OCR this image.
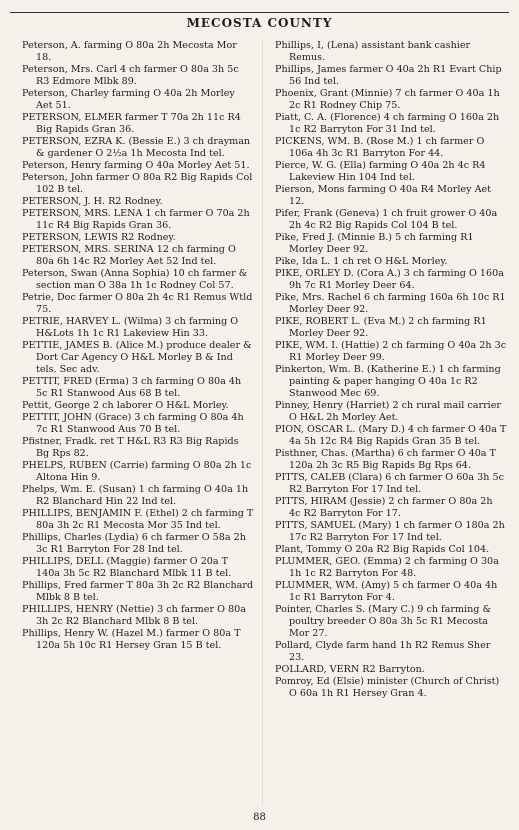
MECOSTA COUNTY

Peterson, A. farming O 80a 2h Mecosta Mor 18.

Peterson, Mrs. Carl 4 ch farmer O 80a 3h 5c R3 Edmore Mlbk 89.

Peterson, Charley farming O 40a 2h Morley Aet 51.

PETERSON, ELMER farmer T 70a 2h 11c R4 Big Rapids Gran 36.

PETERSON, EZRA K. (Bessie E.) 3 ch drayman & gardener O 2½a 1h Mecosta Ind tel.

Peterson, Henry farming O 40a Morley Aet 51.

Peterson, John farmer O 80a R2 Big Rapids Col 102 B tel.

PETERSON, J. H. R2 Rodney.

PETERSON, MRS. LENA 1 ch farmer O 70a 2h 11c R4 Big Rapids Gran 36.

PETERSON, LEWIS R2 Rodney.

PETERSON, MRS. SERINA 12 ch farming O 80a 6h 14c R2 Morley Aet 52 Ind tel.

Peterson, Swan (Anna Sophia) 10 ch farmer & section man O 38a 1h 1c Rodney Col 57.

Petrie, Doc farmer O 80a 2h 4c R1 Remus Wtld 75.

PETRIE, HARVEY L. (Wilma) 3 ch farming O H&Lots 1h 1c R1 Lakeview Hin 33.

PETTIE, JAMES B. (Alice M.) produce dealer & Dort Car Agency O H&L Morley B & Ind tels. Sec adv.

PETTIT, FRED (Erma) 3 ch farming O 80a 4h 5c R1 Stanwood Aus 68 B tel.

Pettit, George 2 ch laborer O H&L Morley.

PETTIT, JOHN (Grace) 3 ch farming O 80a 4h 7c R1 Stanwood Aus 70 B tel.

Pfistner, Fradk. ret T H&L R3 R3 Big Rapids Bg Rps 82.

PHELPS, RUBEN (Carrie) farming O 80a 2h 1c Altona Hin 9.

Phelps, Wm. E. (Susan) 1 ch farming O 40a 1h R2 Blanchard Hin 22 Ind tel.

PHILLIPS, BENJAMIN F. (Ethel) 2 ch farming T 80a 3h 2c R1 Mecosta Mor 35 Ind tel.

Phillips, Charles (Lydia) 6 ch farmer O 58a 2h 3c R1 Barryton For 28 Ind tel.

PHILLIPS, DELL (Maggie) farmer O 20a T 140a 3h 5c R2 Blanchard Mlbk 11 B tel.

Phillips, Fred farmer T 80a 3h 2c R2 Blanchard Mlbk 8 B tel.

PHILLIPS, HENRY (Nettie) 3 ch farmer O 80a 3h 2c R2 Blanchard Mlbk 8 B tel.

Phillips, Henry W. (Hazel M.) farmer O 80a T 120a 5h 10c R1 Hersey Gran 15 B tel.

Phillips, I, (Lena) assistant bank cashier Remus.

Phillips, James farmer O 40a 2h R1 Evart Chip 56 Ind tel.

Phoenix, Grant (Minnie) 7 ch farmer O 40a 1h 2c R1 Rodney Chip 75.

Piatt, C. A. (Florence) 4 ch farming O 160a 2h 1c R2 Barryton For 31 Ind tel.

PICKENS, WM. B. (Rose M.) 1 ch farmer O 106a 4h 3c R1 Barryton For 44.

Pierce, W. G. (Ella) farming O 40a 2h 4c R4 Lakeview Hin 104 Ind tel.

Pierson, Mons farming O 40a R4 Morley Aet 12.

Pifer, Frank (Geneva) 1 ch fruit grower O 40a 2h 4c R2 Big Rapids Col 104 B tel.

Pike, Fred J. (Minnie B.) 5 ch farming R1 Morley Deer 92.

Pike, Ida L. 1 ch ret O H&L Morley.

PIKE, ORLEY D. (Cora A.) 3 ch farming O 160a 9h 7c R1 Morley Deer 64.

Pike, Mrs. Rachel 6 ch farming 160a 6h 10c R1 Morley Deer 92.

PIKE, ROBERT L. (Eva M.) 2 ch farming R1 Morley Deer 92.

PIKE, WM. I. (Hattie) 2 ch farming O 40a 2h 3c R1 Morley Deer 99.

Pinkerton, Wm. B. (Katherine E.) 1 ch farming painting & paper hanging O 40a 1c R2 Stanwood Mec 69.

Pinney, Henry (Harriet) 2 ch rural mail carrier O H&L 2h Morley Aet.

PION, OSCAR L. (Mary D.) 4 ch farmer O 40a T 4a 5h 12c R4 Big Rapids Gran 35 B tel.

Pisthner, Chas. (Martha) 6 ch farmer O 40a T 120a 2h 3c R5 Big Rapids Bg Rps 64.

PITTS, CALEB (Clara) 6 ch farmer O 60a 3h 5c R2 Barryton For 17 Ind tel.

PITTS, HIRAM (Jessie) 2 ch farmer O 80a 2h 4c R2 Barryton For 17.

PITTS, SAMUEL (Mary) 1 ch farmer O 180a 2h 17c R2 Barryton For 17 Ind tel.

Plant, Tommy O 20a R2 Big Rapids Col 104.

PLUMMER, GEO. (Emma) 2 ch farming O 30a 1h 1c R2 Barryton For 48.

PLUMMER, WM. (Amy) 5 ch farmer O 40a 4h 1c R1 Barryton For 4.

Pointer, Charles S. (Mary C.) 9 ch farming & poultry breeder O 80a 3h 5c R1 Mecosta Mor 27.

Pollard, Clyde farm hand 1h R2 Remus Sher 23.

POLLARD, VERN R2 Barryton.

Pomroy, Ed (Elsie) minister (Church of Christ) O 60a 1h R1 Hersey Gran 4.

88
